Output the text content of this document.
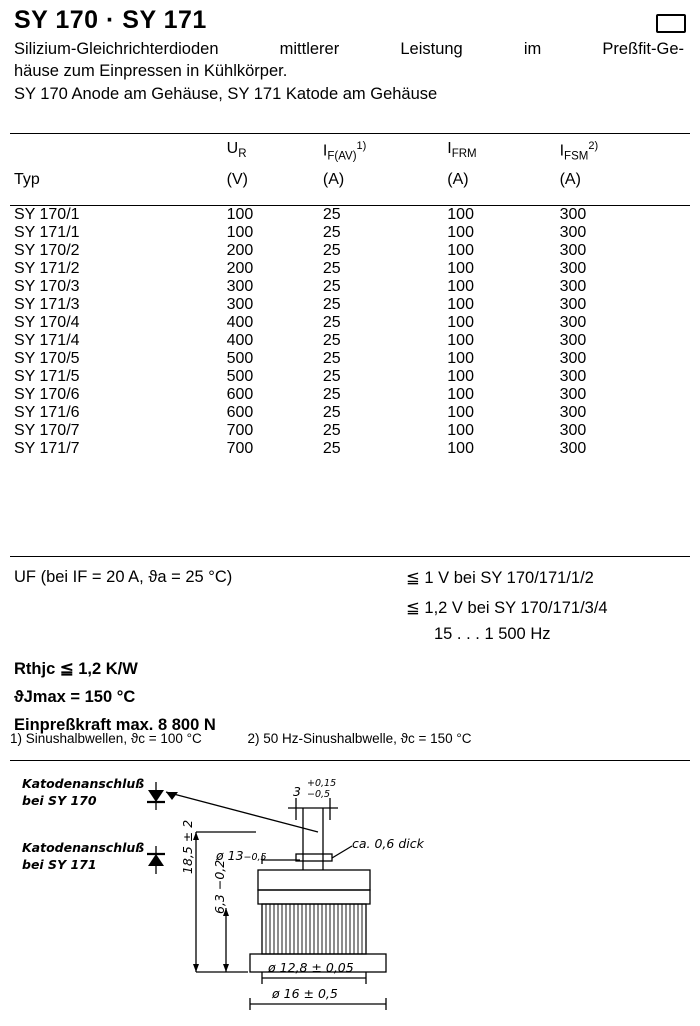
SY 170 · SY 171

Silizium-Gleichrichterdioden mittlerer Leistung im Preßfit-Ge-

häuse zum Einpressen in Kühlkörper.

SY 170 Anode am Gehäuse, SY 171 Katode am Gehäuse

	$U_R$	$I_{F(AV)}^{1)}$	$I_{FRM}$	$I_{FSM}^{2)}$
Typ	(V)	(A)	(A)	(A)

SY 170/1	100	25	100	300
SY 171/1	100	25	100	300
SY 170/2	200	25	100	300
SY 171/2	200	25	100	300
SY 170/3	300	25	100	300
SY 171/3	300	25	100	300
SY 170/4	400	25	100	300
SY 171/4	400	25	100	300
SY 170/5	500	25	100	300
SY 171/5	500	25	100	300
SY 170/6	600	25	100	300
SY 171/6	600	25	100	300
SY 170/7	700	25	100	300
SY 171/7	700	25	100	300
UF (bei IF = 20 A, ϑa = 25 °C)	≦ 1 V bei SY 170/171/1/2
≦ 1,2 V bei SY 170/171/3/4
15 . . . 1 500 Hz
Rthjc ≦ 1,2 K/W
ϑJmax = 150 °C
Einpreßkraft max. 8 800 N
1) Sinushalbwellen, ϑc = 100 °C	2) 50 Hz-Sinushalbwelle, ϑc = 150 °C
Katodenanschluß
bei SY 170
Katodenanschluß
bei SY 171
3
+0,15
−0,5
ca. 0,6 dick
ø 13−0,5
18,5 ± 2
6,3 −0,2
ø 12,8 ± 0,05
ø 16 ± 0,5
